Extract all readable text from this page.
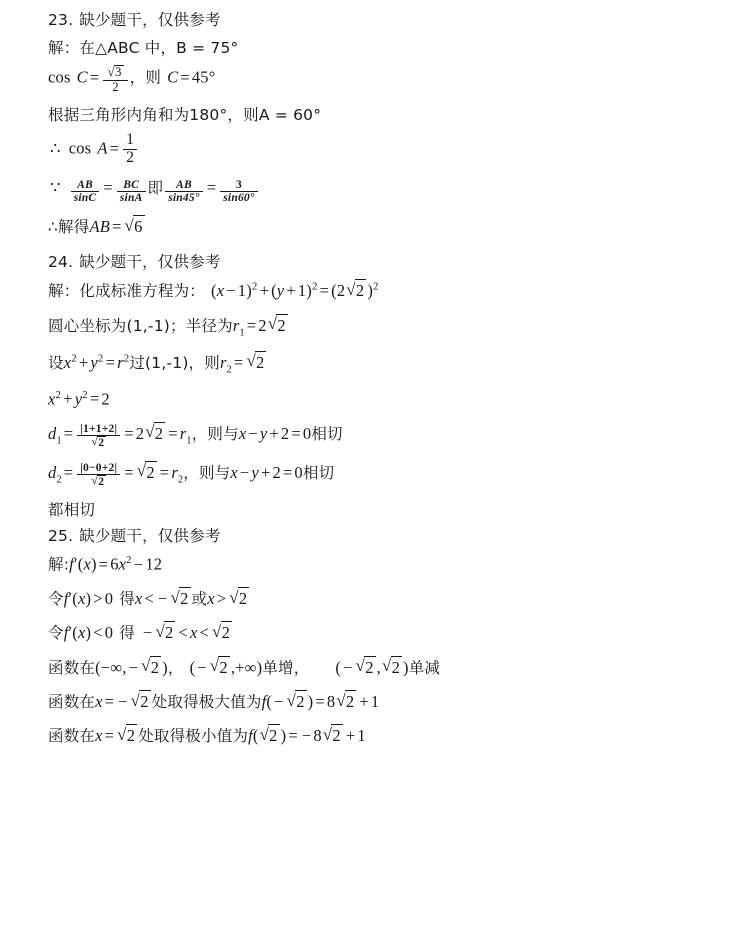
23. 缺少题干，仅供参考
解：在△ABC 中，B = 75°
cos C = √ $\frac{3}{2}$ ，则 C = 45°
根据三角形内角和为180°，则A = 60°
∴ $\cos A = \frac{1}{2}$
∵ $\frac{AB}{\sin C} = \frac{BC}{\sin A}$ 即 $\frac{AB}{\sin 45^\circ} = \frac{3}{\sin 60^\circ}$
∴解得AB = √ 6
24. 缺少题干，仅供参考
解：化成标准方程为： $(x - 1)^2 + (y + 1)^2 = (2$ √ 2 )$^2$
圆心坐标为(1,-1)；半径为$r_1 = 2$ √ 2
设$x^2 + y^2 = r^2$过(1,-1)，则$r_2$ = √ 2
$x^2 + y^2 = 2$
$d_1 = |1+1+2|$
√ 2 = 2 √ $2 = r_1$，则与x − y + 2 = 0相切
$d_2 = |0-0+2|$
√ 2 = √ $2 = r_2$，则与x − y + 2 = 0相切
都相切
25. 缺少题干，仅供参考
解:f′(x) = $6x^2 - 12$
令f′(x) > 0 得x < − √ 2 或x > √ 2
令f′(x) < 0 得 − √ 2 < x < √ 2
函数在(−∞, − √ 2 )， ( − √ 2 ,+∞)单增， ( − √ 2 , √ 2 )单减
函数在x = − √ 2 处取得极大值为f( − √ 2 ) = 8 √ 2 + 1
函数在x = √ 2 处取得极小值为f( √ 2 ) = − 8 √ 2 + 1
